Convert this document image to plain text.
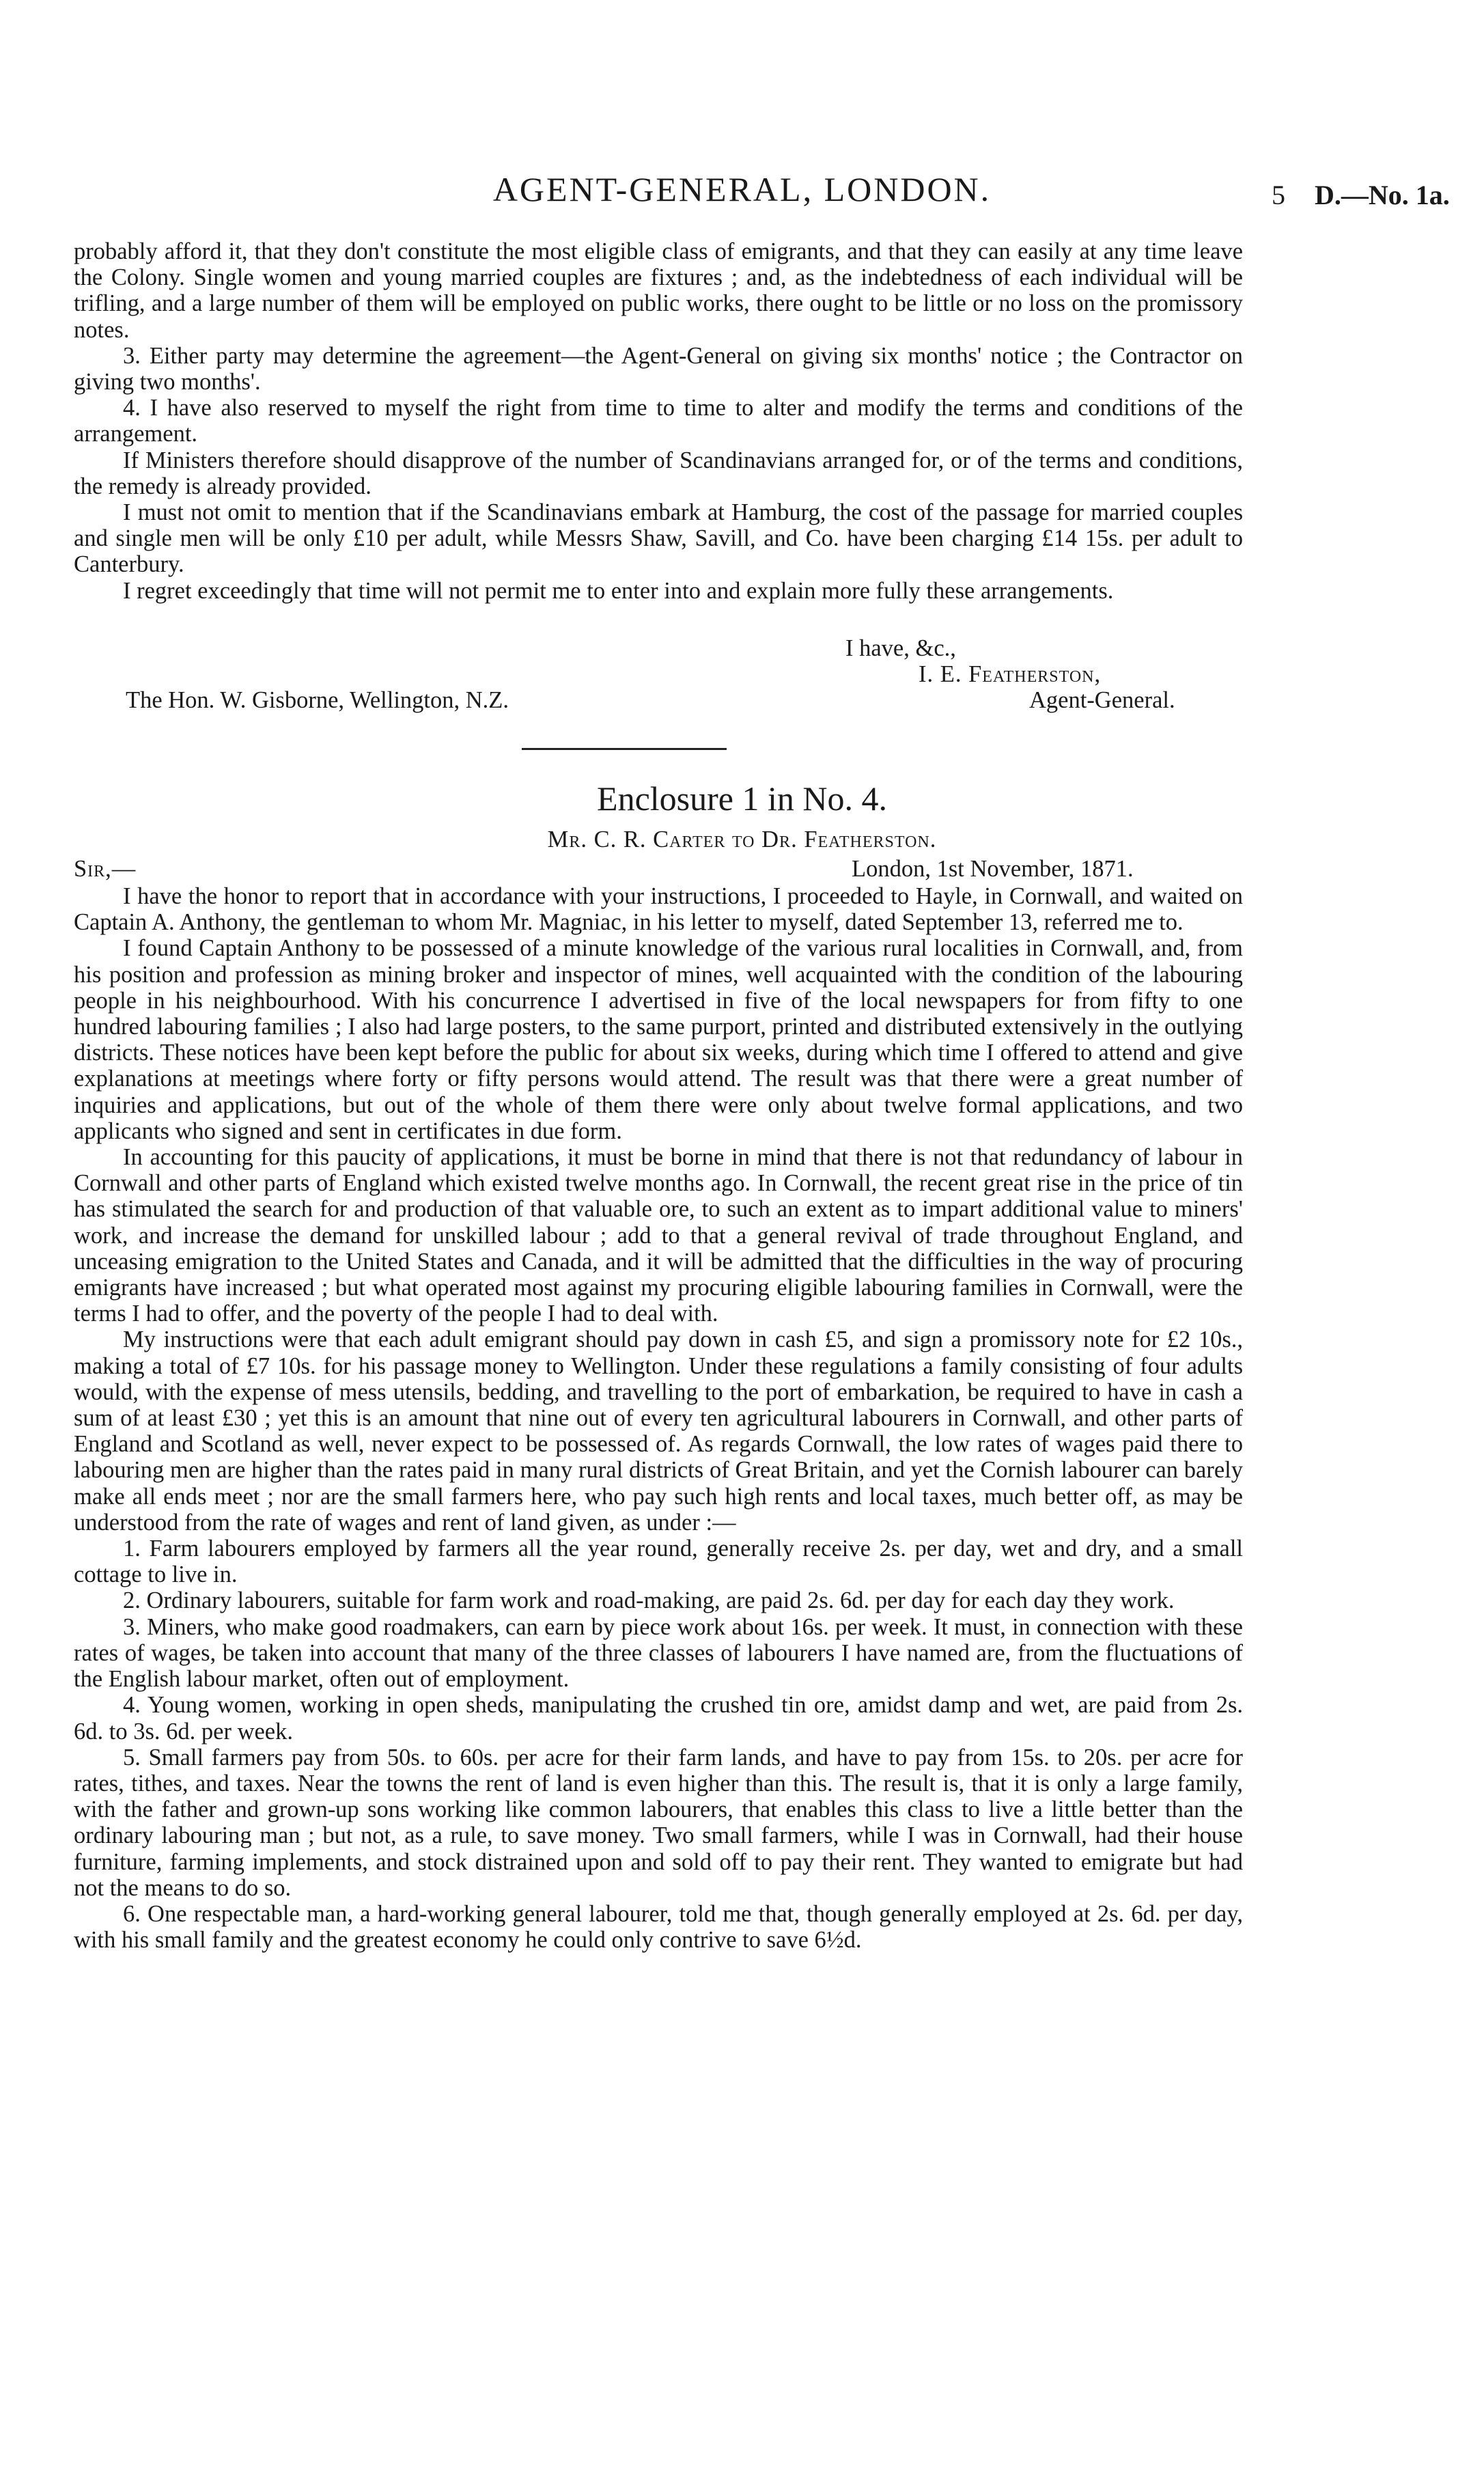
AGENT-GENERAL, LONDON.	5 D.—No. 1a.

probably afford it, that they don't constitute the most eligible class of emigrants, and that they can easily at any time leave the Colony. Single women and young married couples are fixtures ; and, as the indebtedness of each individual will be trifling, and a large number of them will be employed on public works, there ought to be little or no loss on the promissory notes.

3. Either party may determine the agreement—the Agent-General on giving six months' notice ; the Contractor on giving two months'.

4. I have also reserved to myself the right from time to time to alter and modify the terms and conditions of the arrangement.

If Ministers therefore should disapprove of the number of Scandinavians arranged for, or of the terms and conditions, the remedy is already provided.

I must not omit to mention that if the Scandinavians embark at Hamburg, the cost of the passage for married couples and single men will be only £10 per adult, while Messrs Shaw, Savill, and Co. have been charging £14 15s. per adult to Canterbury.

I regret exceedingly that time will not permit me to enter into and explain more fully these arrangements.

I have, &c.,
I. E. Featherston,
Agent-General.
The Hon. W. Gisborne, Wellington, N.Z.
Enclosure 1 in No. 4.
Mr. C. R. Carter to Dr. Featherston.
Sir,—	London, 1st November, 1871.

I have the honor to report that in accordance with your instructions, I proceeded to Hayle, in Cornwall, and waited on Captain A. Anthony, the gentleman to whom Mr. Magniac, in his letter to myself, dated September 13, referred me to.

I found Captain Anthony to be possessed of a minute knowledge of the various rural localities in Cornwall, and, from his position and profession as mining broker and inspector of mines, well acquainted with the condition of the labouring people in his neighbourhood. With his concurrence I advertised in five of the local newspapers for from fifty to one hundred labouring families ; I also had large posters, to the same purport, printed and distributed extensively in the outlying districts. These notices have been kept before the public for about six weeks, during which time I offered to attend and give explanations at meetings where forty or fifty persons would attend. The result was that there were a great number of inquiries and applications, but out of the whole of them there were only about twelve formal applications, and two applicants who signed and sent in certificates in due form.

In accounting for this paucity of applications, it must be borne in mind that there is not that redundancy of labour in Cornwall and other parts of England which existed twelve months ago. In Cornwall, the recent great rise in the price of tin has stimulated the search for and production of that valuable ore, to such an extent as to impart additional value to miners' work, and increase the demand for unskilled labour ; add to that a general revival of trade throughout England, and unceasing emigration to the United States and Canada, and it will be admitted that the difficulties in the way of procuring emigrants have increased ; but what operated most against my procuring eligible labouring families in Cornwall, were the terms I had to offer, and the poverty of the people I had to deal with.

My instructions were that each adult emigrant should pay down in cash £5, and sign a promissory note for £2 10s., making a total of £7 10s. for his passage money to Wellington. Under these regulations a family consisting of four adults would, with the expense of mess utensils, bedding, and travelling to the port of embarkation, be required to have in cash a sum of at least £30 ; yet this is an amount that nine out of every ten agricultural labourers in Cornwall, and other parts of England and Scotland as well, never expect to be possessed of. As regards Cornwall, the low rates of wages paid there to labouring men are higher than the rates paid in many rural districts of Great Britain, and yet the Cornish labourer can barely make all ends meet ; nor are the small farmers here, who pay such high rents and local taxes, much better off, as may be understood from the rate of wages and rent of land given, as under :—

1. Farm labourers employed by farmers all the year round, generally receive 2s. per day, wet and dry, and a small cottage to live in.

2. Ordinary labourers, suitable for farm work and road-making, are paid 2s. 6d. per day for each day they work.

3. Miners, who make good roadmakers, can earn by piece work about 16s. per week. It must, in connection with these rates of wages, be taken into account that many of the three classes of labourers I have named are, from the fluctuations of the English labour market, often out of employment.

4. Young women, working in open sheds, manipulating the crushed tin ore, amidst damp and wet, are paid from 2s. 6d. to 3s. 6d. per week.

5. Small farmers pay from 50s. to 60s. per acre for their farm lands, and have to pay from 15s. to 20s. per acre for rates, tithes, and taxes. Near the towns the rent of land is even higher than this. The result is, that it is only a large family, with the father and grown-up sons working like common labourers, that enables this class to live a little better than the ordinary labouring man ; but not, as a rule, to save money. Two small farmers, while I was in Cornwall, had their house furniture, farming implements, and stock distrained upon and sold off to pay their rent. They wanted to emigrate but had not the means to do so.

6. One respectable man, a hard-working general labourer, told me that, though generally employed at 2s. 6d. per day, with his small family and the greatest economy he could only contrive to save 6½d.
